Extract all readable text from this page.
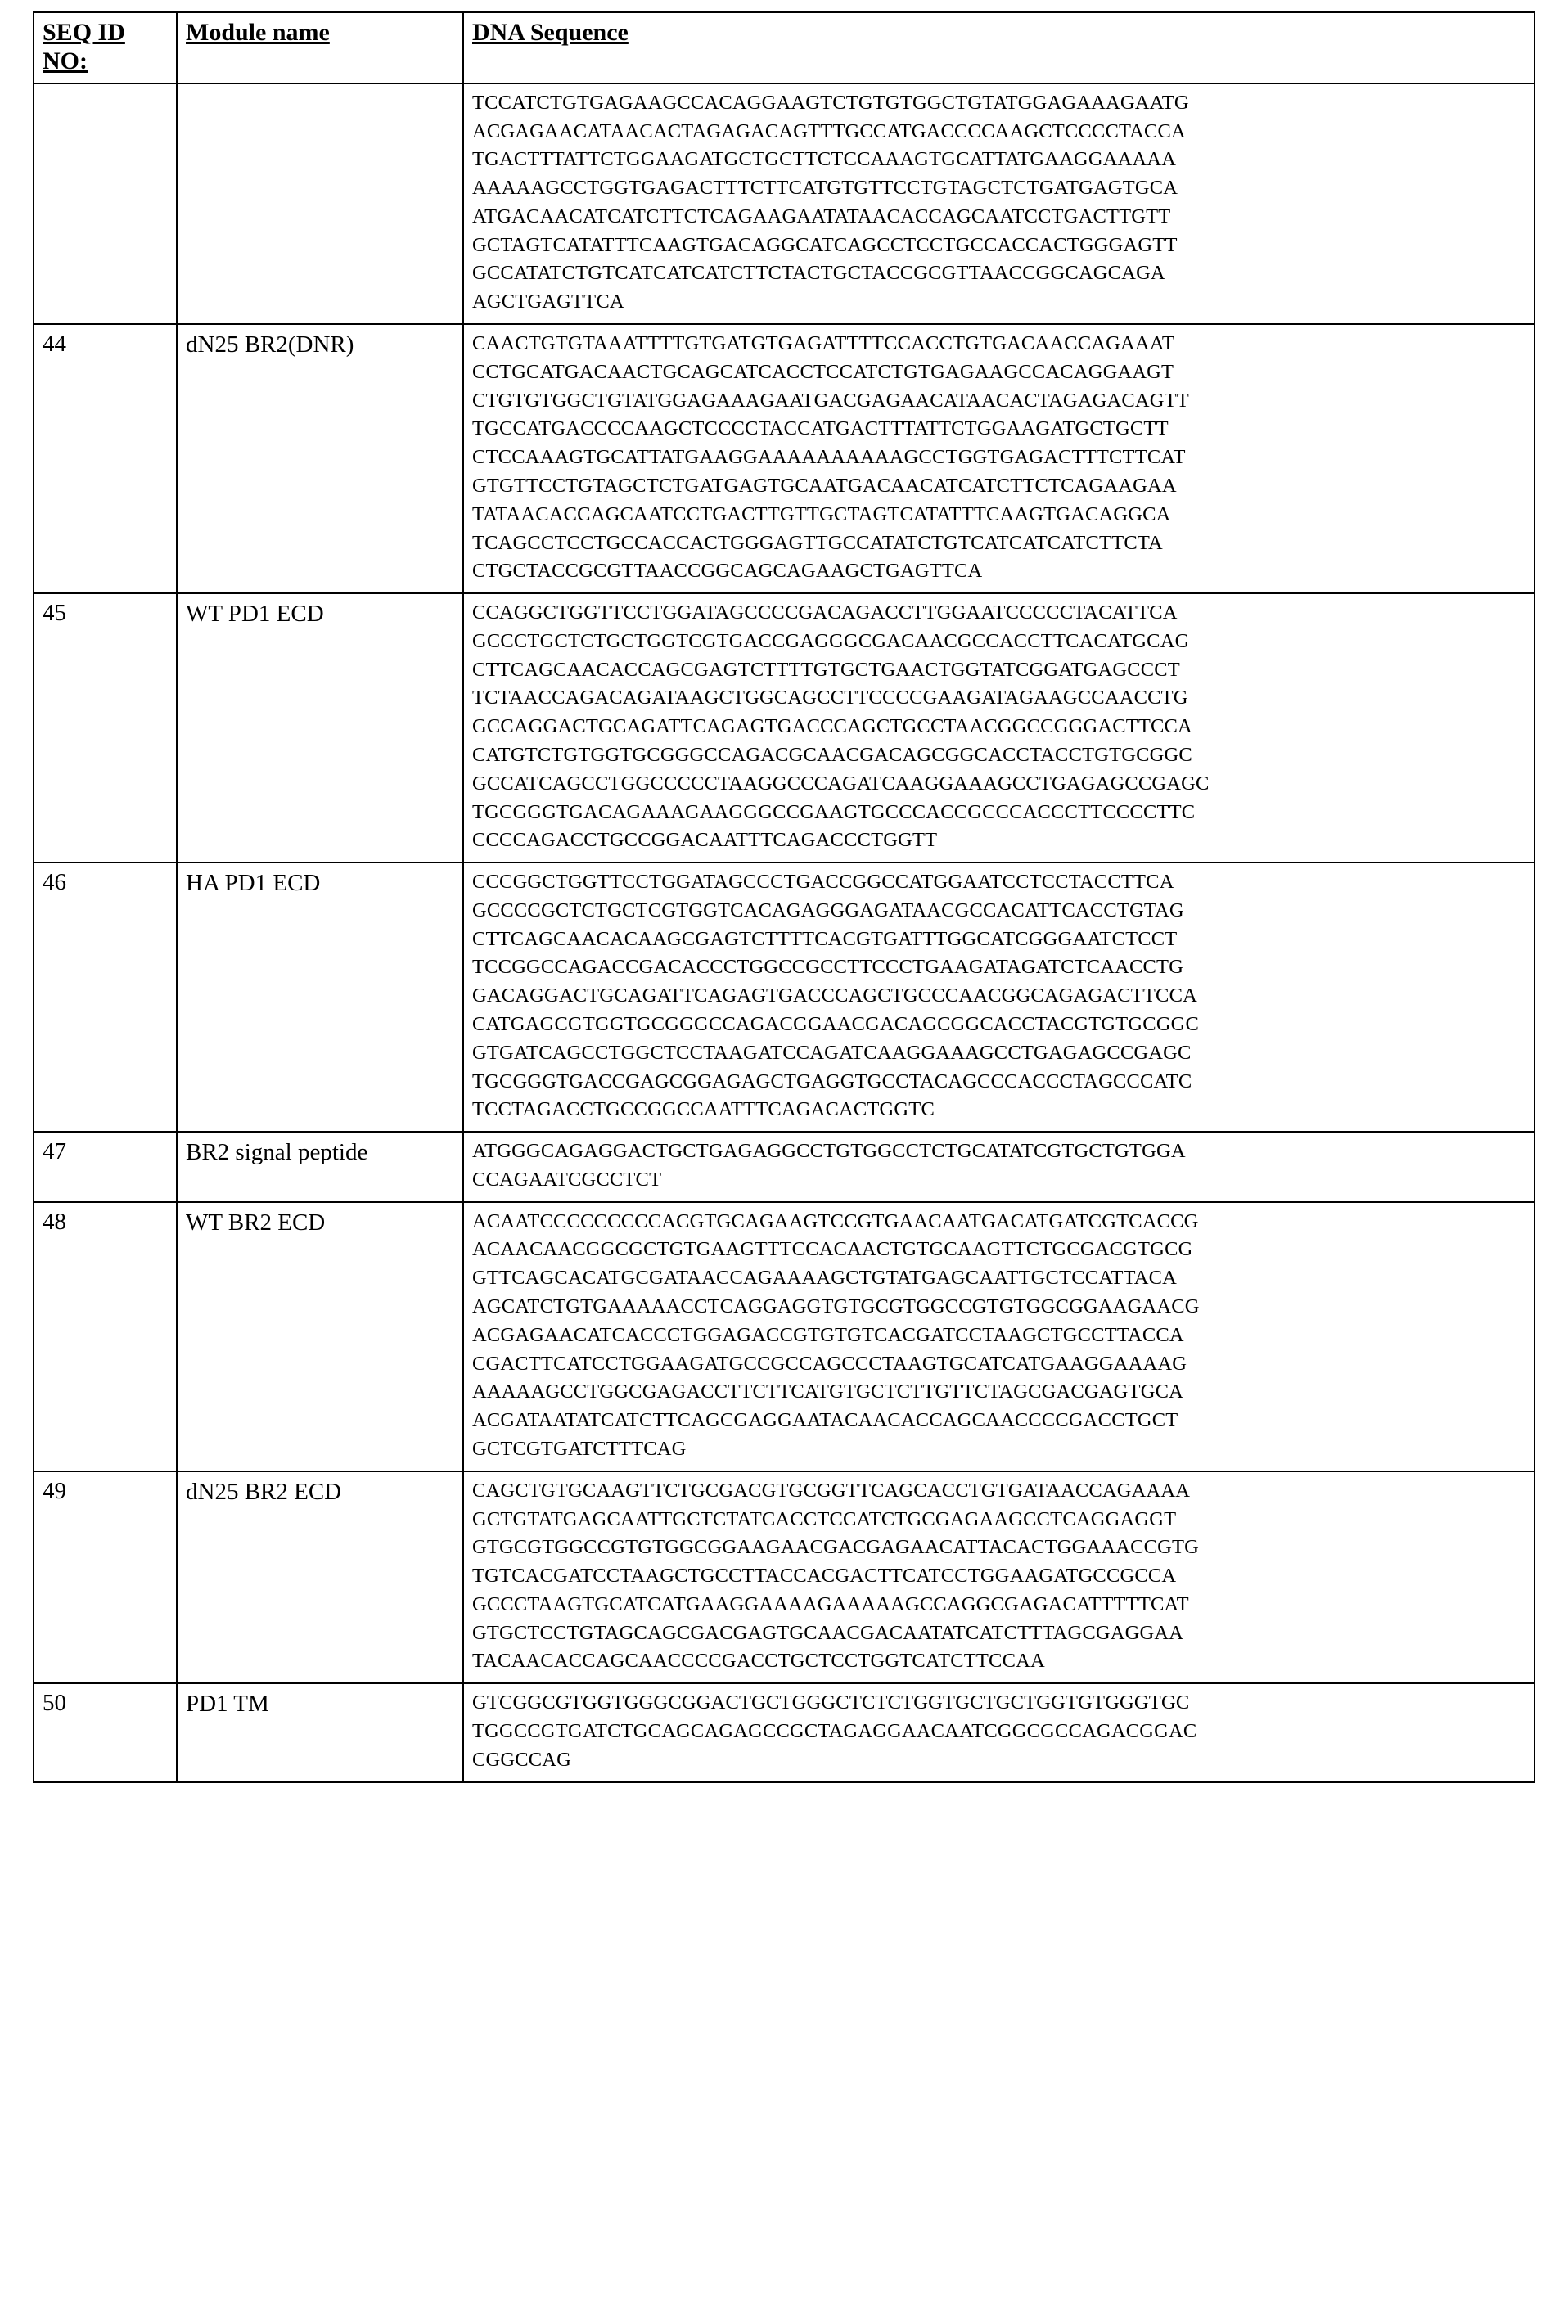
SEQ ID NO:	Module name	DNA Sequence

TCCATCTGTGAGAAGCCACAGGAAGTCTGTGTGGCTGTATGGAGAAAGAATG
ACGAGAACATAACACTAGAGACAGTTTGCCATGACCCCAAGCTCCCCTACCA
TGACTTTATTCTGGAAGATGCTGCTTCTCCAAAGTGCATTATGAAGGAAAAA
AAAAAGCCTGGTGAGACTTTCTTCATGTGTTCCTGTAGCTCTGATGAGTGCA
ATGACAACATCATCTTCTCAGAAGAATATAACACCAGCAATCCTGACTTGTT
GCTAGTCATATTTCAAGTGACAGGCATCAGCCTCCTGCCACCACTGGGAGTT
GCCATATCTGTCATCATCATCTTCTACTGCTACCGCGTTAACCGGCAGCAGA
AGCTGAGTTCA

44	dN25 BR2(DNR)	CAACTGTGTAAATTTTGTGATGTGAGATTTTCCACCTGTGACAACCAGAAAT
CCTGCATGACAACTGCAGCATCACCTCCATCTGTGAGAAGCCACAGGAAGT
CTGTGTGGCTGTATGGAGAAAGAATGACGAGAACATAACACTAGAGACAGTT
TGCCATGACCCCAAGCTCCCCTACCATGACTTTATTCTGGAAGATGCTGCTT
CTCCAAAGTGCATTATGAAGGAAAAAAAAAAGCCTGGTGAGACTTTCTTCAT
GTGTTCCTGTAGCTCTGATGAGTGCAATGACAACATCATCTTCTCAGAAGAA
TATAACACCAGCAATCCTGACTTGTTGCTAGTCATATTTCAAGTGACAGGCA
TCAGCCTCCTGCCACCACTGGGAGTTGCCATATCTGTCATCATCATCTTCTA
CTGCTACCGCGTTAACCGGCAGCAGAAGCTGAGTTCA

45	WT PD1 ECD	CCAGGCTGGTTCCTGGATAGCCCCGACAGACCTTGGAATCCCCCTACATTCA
GCCCTGCTCTGCTGGTCGTGACCGAGGGCGACAACGCCACCTTCACATGCAG
CTTCAGCAACACCAGCGAGTCTTTTGTGCTGAACTGGTATCGGATGAGCCCT
TCTAACCAGACAGATAAGCTGGCAGCCTTCCCCGAAGATAGAAGCCAACCTG
GCCAGGACTGCAGATTCAGAGTGACCCAGCTGCCTAACGGCCGGGACTTCCA
CATGTCTGTGGTGCGGGCCAGACGCAACGACAGCGGCACCTACCTGTGCGGC
GCCATCAGCCTGGCCCCCTAAGGCCCAGATCAAGGAAAGCCTGAGAGCCGAGC
TGCGGGTGACAGAAAGAAGGGCCGAAGTGCCCACCGCCCACCCTTCCCCTTC
CCCCAGACCTGCCGGACAATTTCAGACCCTGGTT

46	HA PD1 ECD	CCCGGCTGGTTCCTGGATAGCCCTGACCGGCCATGGAATCCTCCTACCTTCA
GCCCCGCTCTGCTCGTGGTCACAGAGGGAGATAACGCCACATTCACCTGTAG
CTTCAGCAACACAAGCGAGTCTTTTCACGTGATTTGGCATCGGGAATCTCCT
TCCGGCCAGACCGACACCCTGGCCGCCTTCCCTGAAGATAGATCTCAACCTG
GACAGGACTGCAGATTCAGAGTGACCCAGCTGCCCAACGGCAGAGACTTCCA
CATGAGCGTGGTGCGGGCCAGACGGAACGACAGCGGCACCTACGTGTGCGGC
GTGATCAGCCTGGCTCCTAAGATCCAGATCAAGGAAAGCCTGAGAGCCGAGC
TGCGGGTGACCGAGCGGAGAGCTGAGGTGCCTACAGCCCACCCTAGCCCATC
TCCTAGACCTGCCGGCCAATTTCAGACACTGGTC

47	BR2 signal peptide	ATGGGCAGAGGACTGCTGAGAGGCCTGTGGCCTCTGCATATCGTGCTGTGGA
CCAGAATCGCCTCT

48	WT BR2 ECD	ACAATCCCCCCCCCACGTGCAGAAGTCCGTGAACAATGACATGATCGTCACCG
ACAACAACGGCGCTGTGAAGTTTCCACAACTGTGCAAGTTCTGCGACGTGCG
GTTCAGCACATGCGATAACCAGAAAAGCTGTATGAGCAATTGCTCCATTACA
AGCATCTGTGAAAAACCTCAGGAGGTGTGCGTGGCCGTGTGGCGGAAGAACG
ACGAGAACATCACCCTGGAGACCGTGTGTCACGATCCTAAGCTGCCTTACCA
CGACTTCATCCTGGAAGATGCCGCCAGCCCTAAGTGCATCATGAAGGAAAAG
AAAAAGCCTGGCGAGACCTTCTTCATGTGCTCTTGTTCTAGCGACGAGTGCA
ACGATAATATCATCTTCAGCGAGGAATACAACACCAGCAACCCCGACCTGCT
GCTCGTGATCTTTCAG

49	dN25 BR2 ECD	CAGCTGTGCAAGTTCTGCGACGTGCGGTTCAGCACCTGTGATAACCAGAAAA
GCTGTATGAGCAATTGCTCTATCACCTCCATCTGCGAGAAGCCTCAGGAGGT
GTGCGTGGCCGTGTGGCGGAAGAACGACGAGAACATTACACTGGAAACCGTG
TGTCACGATCCTAAGCTGCCTTACCACGACTTCATCCTGGAAGATGCCGCCA
GCCCTAAGTGCATCATGAAGGAAAAGAAAAAGCCAGGCGAGACATTTTTCAT
GTGCTCCTGTAGCAGCGACGAGTGCAACGACAATATCATCTTTAGCGAGGAA
TACAACACCAGCAACCCCGACCTGCTCCTGGTCATCTTCCAA

50	PD1 TM	GTCGGCGTGGTGGGCGGACTGCTGGGCTCTCTGGTGCTGCTGGTGTGGGTGC
TGGCCGTGATCTGCAGCAGAGCCGCTAGAGGAACAATCGGCGCCAGACGGAC
CGGCCAG
